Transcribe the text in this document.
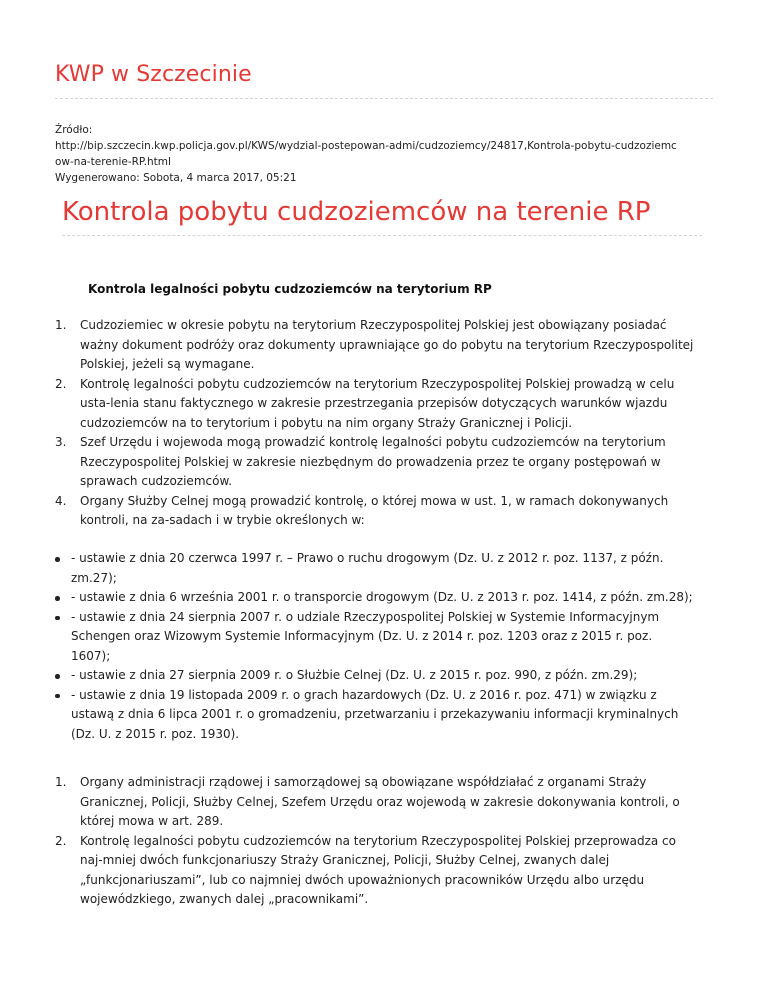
KWP w Szczecinie
Źródło:
http://bip.szczecin.kwp.policja.gov.pl/KWS/wydzial-postepowan-admi/cudzoziemcy/24817,Kontrola-pobytu-cudzoziemc
ow-na-terenie-RP.html
Wygenerowano: Sobota, 4 marca 2017, 05:21
Kontrola pobytu cudzoziemców na terenie RP
Kontrola legalności pobytu cudzoziemców na terytorium RP
1. Cudzoziemiec w okresie pobytu na terytorium Rzeczypospolitej Polskiej jest obowiązany posiadać ważny dokument podróży oraz dokumenty uprawniające go do pobytu na terytorium Rzeczypospolitej Polskiej, jeżeli są wymagane.
2. Kontrolę legalności pobytu cudzoziemców na terytorium Rzeczypospolitej Polskiej prowadzą w celu usta-lenia stanu faktycznego w zakresie przestrzegania przepisów dotyczących warunków wjazdu cudzoziemców na to terytorium i pobytu na nim organy Straży Granicznej i Policji.
3. Szef Urzędu i wojewoda mogą prowadzić kontrolę legalności pobytu cudzoziemców na terytorium Rzeczypospolitej Polskiej w zakresie niezbędnym do prowadzenia przez te organy postępowań w sprawach cudzoziemców.
4. Organy Służby Celnej mogą prowadzić kontrolę, o której mowa w ust. 1, w ramach dokonywanych kontroli, na za-sadach i w trybie określonych w:
- ustawie z dnia 20 czerwca 1997 r. – Prawo o ruchu drogowym (Dz. U. z 2012 r. poz. 1137, z późn. zm.27);
- ustawie z dnia 6 września 2001 r. o transporcie drogowym (Dz. U. z 2013 r. poz. 1414, z późn. zm.28);
- ustawie z dnia 24 sierpnia 2007 r. o udziale Rzeczypospolitej Polskiej w Systemie Informacyjnym Schengen oraz Wizowym Systemie Informacyjnym (Dz. U. z 2014 r. poz. 1203 oraz z 2015 r. poz. 1607);
- ustawie z dnia 27 sierpnia 2009 r. o Służbie Celnej (Dz. U. z 2015 r. poz. 990, z późn. zm.29);
- ustawie z dnia 19 listopada 2009 r. o grach hazardowych (Dz. U. z 2016 r. poz. 471) w związku z ustawą z dnia 6 lipca 2001 r. o gromadzeniu, przetwarzaniu i przekazywaniu informacji kryminalnych (Dz. U. z 2015 r. poz. 1930).
1. Organy administracji rządowej i samorządowej są obowiązane współdziałać z organami Straży Granicznej, Policji, Służby Celnej, Szefem Urzędu oraz wojewodą w zakresie dokonywania kontroli, o której mowa w art. 289.
2. Kontrolę legalności pobytu cudzoziemców na terytorium Rzeczypospolitej Polskiej przeprowadza co naj-mniej dwóch funkcjonariuszy Straży Granicznej, Policji, Służby Celnej, zwanych dalej „funkcjonariuszami”, lub co najmniej dwóch upoważnionych pracowników Urzędu albo urzędu wojewódzkiego, zwanych dalej „pracownikami”.
